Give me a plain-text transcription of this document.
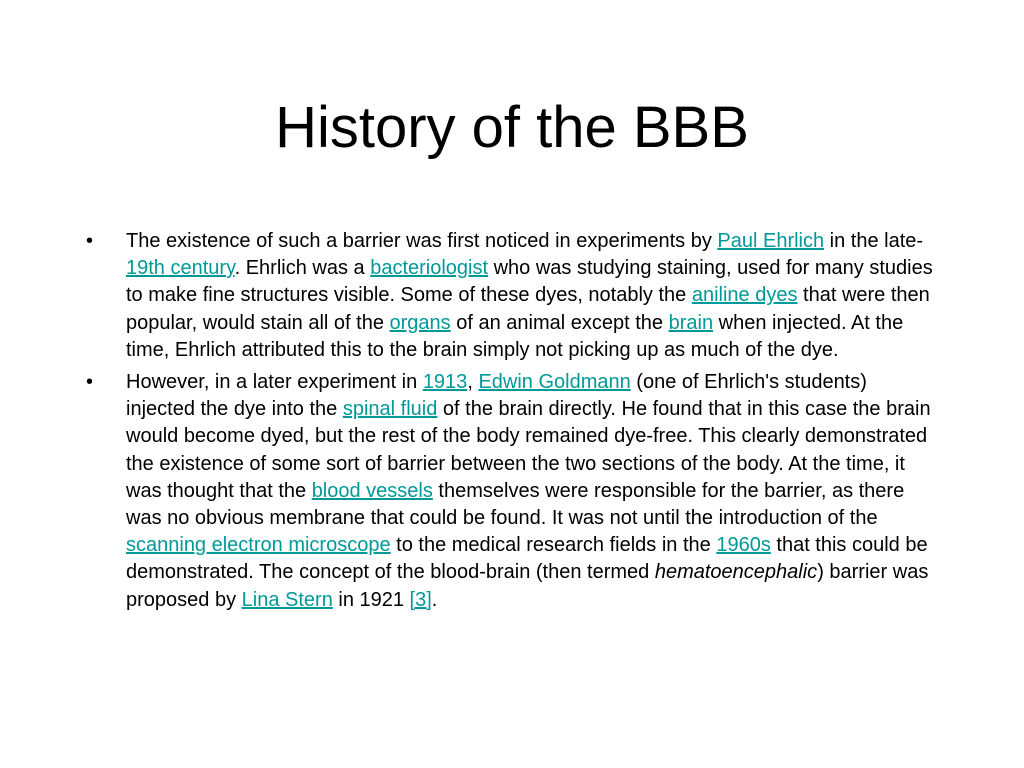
History of the BBB
• The existence of such a barrier was first noticed in experiments by Paul Ehrlich in the late-19th century. Ehrlich was a bacteriologist who was studying staining, used for many studies to make fine structures visible. Some of these dyes, notably the aniline dyes that were then popular, would stain all of the organs of an animal except the brain when injected. At the time, Ehrlich attributed this to the brain simply not picking up as much of the dye.
• However, in a later experiment in 1913, Edwin Goldmann (one of Ehrlich's students) injected the dye into the spinal fluid of the brain directly. He found that in this case the brain would become dyed, but the rest of the body remained dye-free. This clearly demonstrated the existence of some sort of barrier between the two sections of the body. At the time, it was thought that the blood vessels themselves were responsible for the barrier, as there was no obvious membrane that could be found. It was not until the introduction of the scanning electron microscope to the medical research fields in the 1960s that this could be demonstrated. The concept of the blood-brain (then termed hematoencephalic) barrier was proposed by Lina Stern in 1921 [3].
